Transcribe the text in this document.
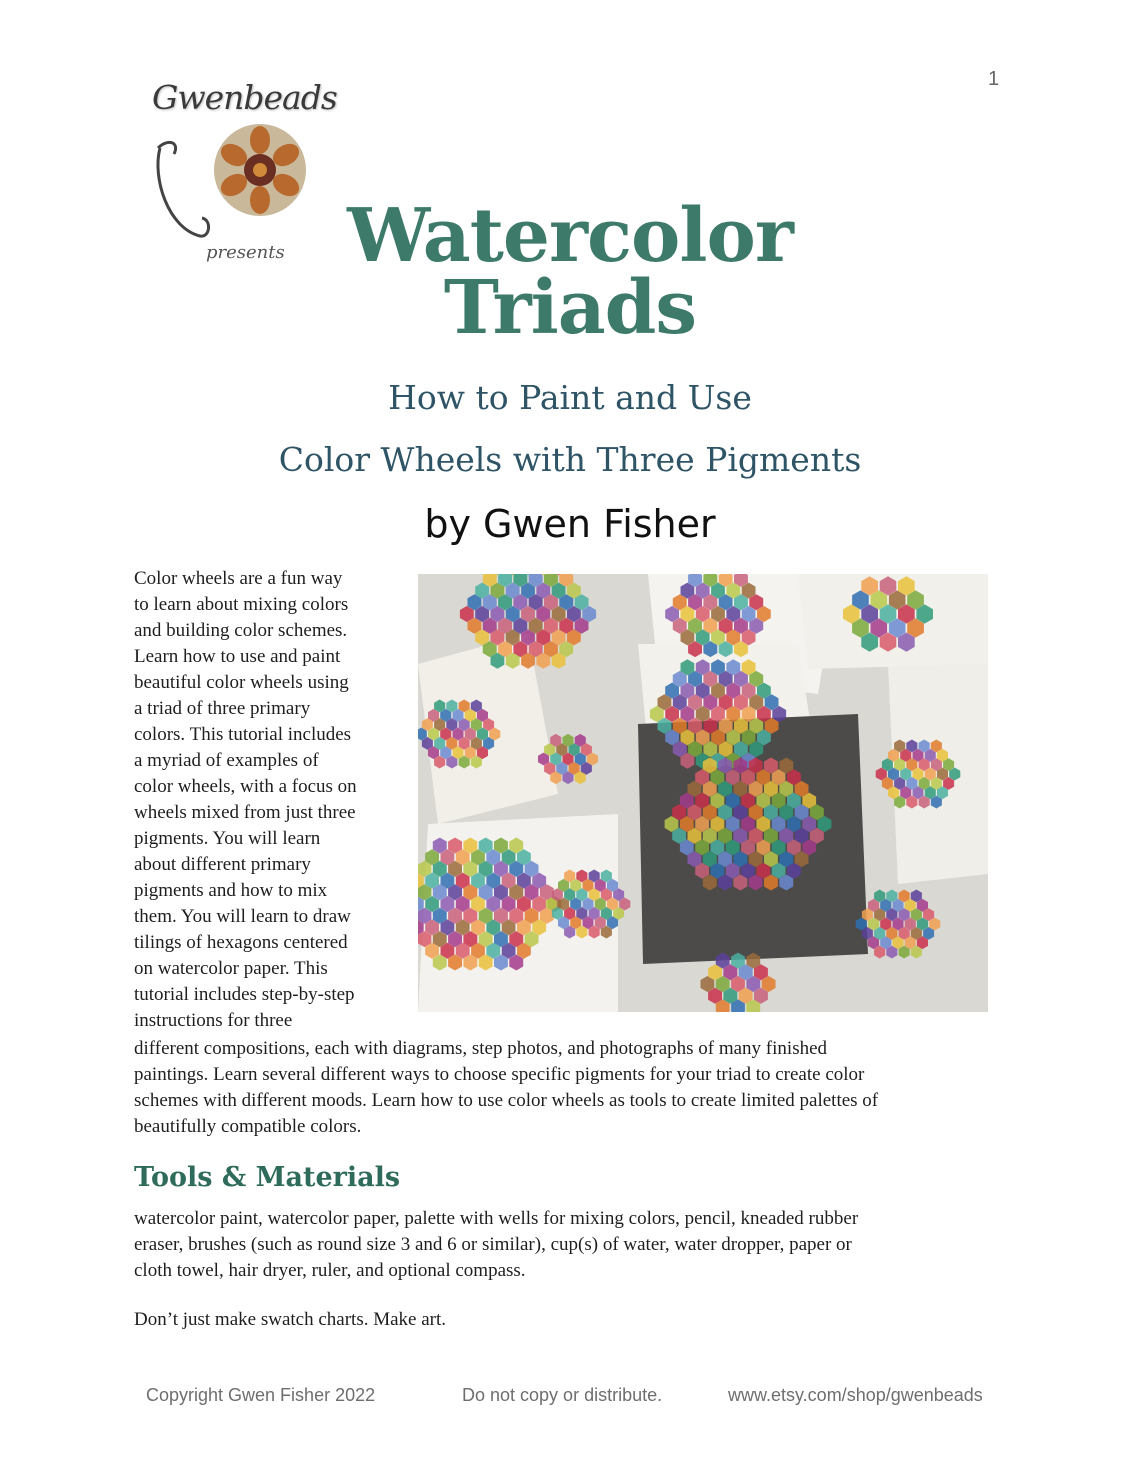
1
Gwenbeads
presents Watercolor
Triads
How to Paint and Use
Color Wheels with Three Pigments
by Gwen Fisher
Color wheels are a fun way
to learn about mixing colors
and building color schemes.
Learn how to use and paint
beautiful color wheels using
a triad of three primary
colors. This tutorial includes
a myriad of examples of
color wheels, with a focus on
wheels mixed from just three
pigments. You will learn
about different primary
pigments and how to mix
them. You will learn to draw
tilings of hexagons centered
on watercolor paper. This
tutorial includes step-by-step
instructions for three
different compositions, each with diagrams, step photos, and photographs of many finished
paintings. Learn several different ways to choose specific pigments for your triad to create color
schemes with different moods. Learn how to use color wheels as tools to create limited palettes of
beautifully compatible colors.
Tools & Materials
watercolor paint, watercolor paper, palette with wells for mixing colors, pencil, kneaded rubber
eraser, brushes (such as round size 3 and 6 or similar), cup(s) of water, water dropper, paper or
cloth towel, hair dryer, ruler, and optional compass.
Don’t just make swatch charts. Make art.
Copyright Gwen Fisher 2022	Do not copy or distribute.	www.etsy.com/shop/gwenbeads
